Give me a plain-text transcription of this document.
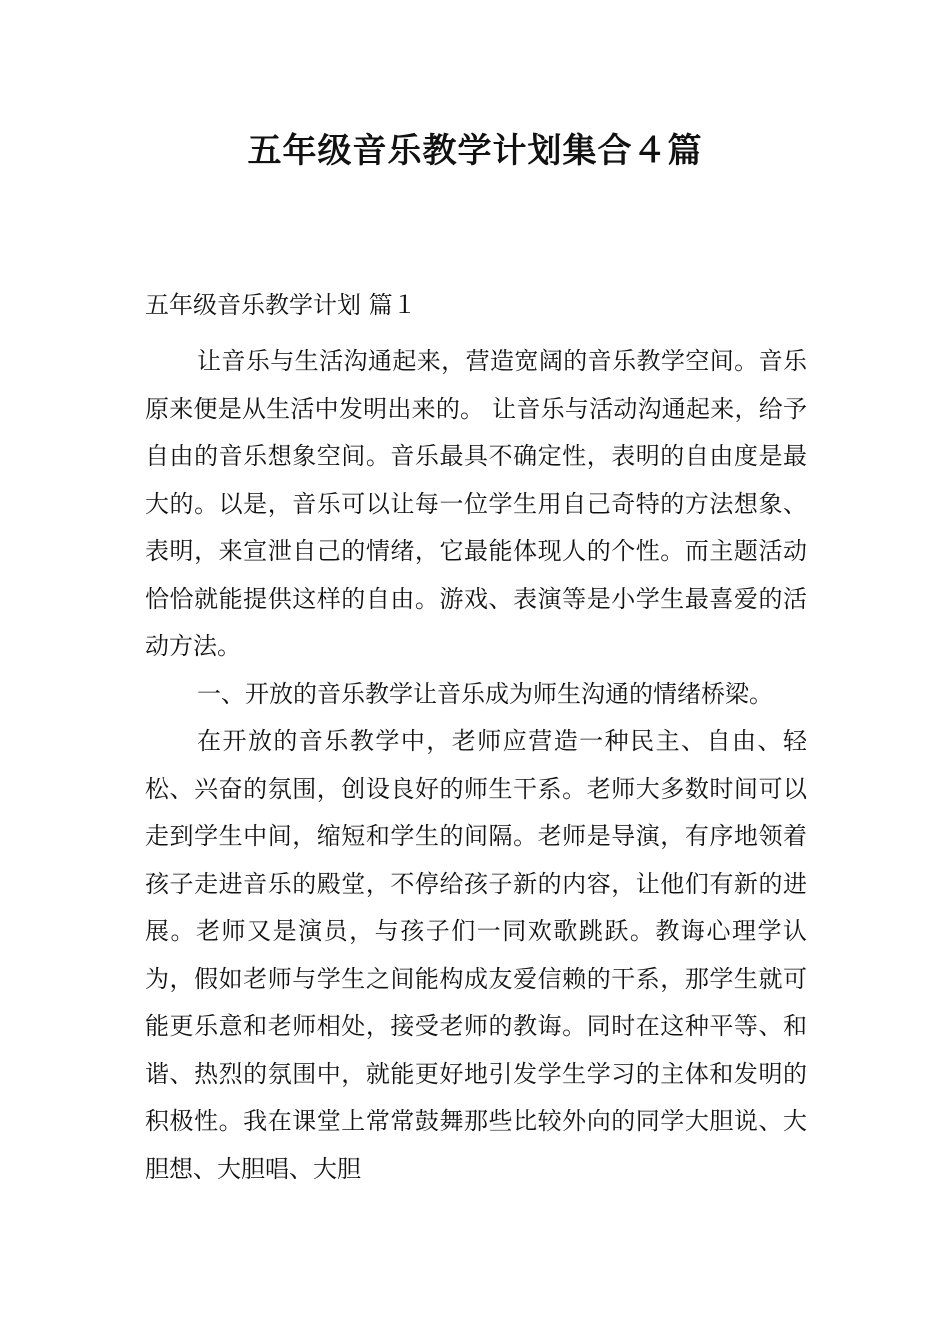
五年级音乐教学计划集合４篇
五年级音乐教学计划 篇１

让音乐与生活沟通起来，营造宽阔的音乐教学空间。音乐原来便是从生活中发明出来的。 让音乐与活动沟通起来，给予自由的音乐想象空间。音乐最具不确定性，表明的自由度是最大的。以是，音乐可以让每一位学生用自己奇特的方法想象、表明，来宣泄自己的情绪，它最能体现人的个性。而主题活动恰恰就能提供这样的自由。游戏、表演等是小学生最喜爱的活动方法。

一、开放的音乐教学让音乐成为师生沟通的情绪桥梁。

在开放的音乐教学中，老师应营造一种民主、自由、轻松、兴奋的氛围，创设良好的师生干系。老师大多数时间可以走到学生中间，缩短和学生的间隔。老师是导演，有序地领着孩子走进音乐的殿堂，不停给孩子新的内容，让他们有新的进展。老师又是演员，与孩子们一同欢歌跳跃。教诲心理学认为，假如老师与学生之间能构成友爱信赖的干系，那学生就可能更乐意和老师相处，接受老师的教诲。同时在这种平等、和谐、热烈的氛围中，就能更好地引发学生学习的主体和发明的积极性。我在课堂上常常鼓舞那些比较外向的同学大胆说、大胆想、大胆唱、大胆
